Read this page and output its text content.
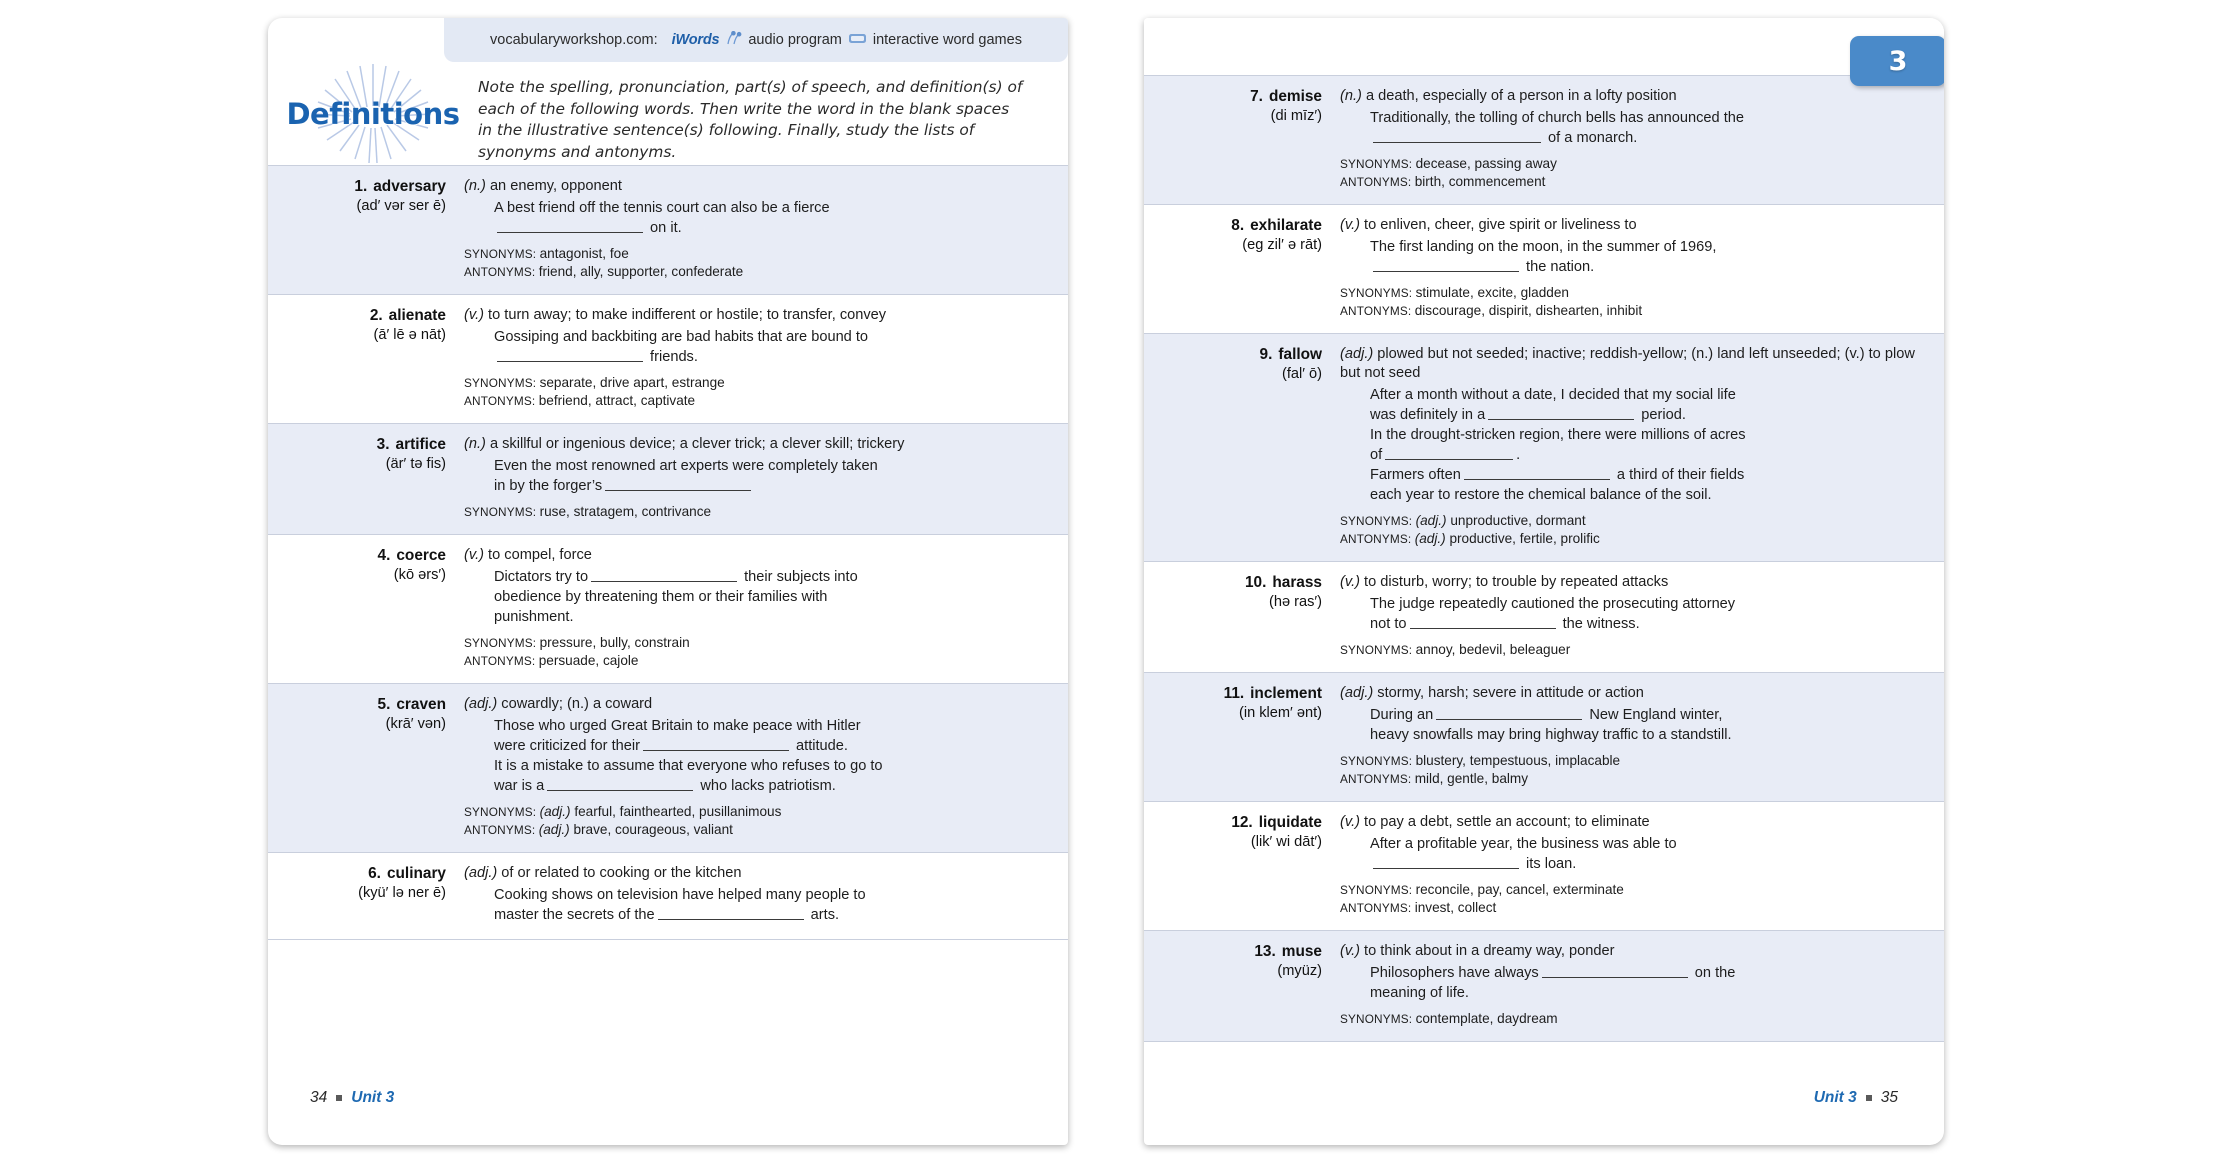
vocabularyworkshop.com: iWords audio program interactive word games
Definitions
Note the spelling, pronunciation, part(s) of speech, and definition(s) of each of the following words. Then write the word in the blank spaces in the illustrative sentence(s) following. Finally, study the lists of synonyms and antonyms.
1. adversary
(ad′ vər ser ē)
(n.) an enemy, opponent
A best friend off the tennis court can also be a fierce
on it.
SYNONYMS: antagonist, foe
ANTONYMS: friend, ally, supporter, confederate
2. alienate
(ā′ lē ə nāt)
(v.) to turn away; to make indifferent or hostile; to transfer, convey
Gossiping and backbiting are bad habits that are bound to
friends.
SYNONYMS: separate, drive apart, estrange
ANTONYMS: befriend, attract, captivate
3. artifice
(är′ tə fis)
(n.) a skillful or ingenious device; a clever trick; a clever skill; trickery
Even the most renowned art experts were completely taken
in by the forger’s
SYNONYMS: ruse, stratagem, contrivance
4. coerce
(kō ərs′)
(v.) to compel, force
Dictators try to	their subjects into
obedience by threatening them or their families with
punishment.
SYNONYMS: pressure, bully, constrain
ANTONYMS: persuade, cajole
5. craven
(krā′ vən)
(adj.) cowardly; (n.) a coward
Those who urged Great Britain to make peace with Hitler
were criticized for their	attitude.
It is a mistake to assume that everyone who refuses to go to
war is a	who lacks patriotism.
SYNONYMS: (adj.) fearful, fainthearted, pusillanimous
ANTONYMS: (adj.) brave, courageous, valiant
6. culinary
(kyü′ lə ner ē)
(adj.) of or related to cooking or the kitchen
Cooking shows on television have helped many people to
master the secrets of the	arts.
34 Unit 3
3
7. demise
(di mīz′)
(n.) a death, especially of a person in a lofty position
Traditionally, the tolling of church bells has announced the
of a monarch.
SYNONYMS: decease, passing away
ANTONYMS: birth, commencement
8. exhilarate
(eg zil′ ə rāt)
(v.) to enliven, cheer, give spirit or liveliness to
The first landing on the moon, in the summer of 1969,
the nation.
SYNONYMS: stimulate, excite, gladden
ANTONYMS: discourage, dispirit, dishearten, inhibit
9. fallow
(fal′ ō)
(adj.) plowed but not seeded; inactive; reddish-yellow; (n.) land left unseeded; (v.) to plow but not seed
After a month without a date, I decided that my social life
was definitely in a	period.
In the drought-stricken region, there were millions of acres
of	.
Farmers often	a third of their fields
each year to restore the chemical balance of the soil.
SYNONYMS: (adj.) unproductive, dormant
ANTONYMS: (adj.) productive, fertile, prolific
10. harass
(hə ras′)
(v.) to disturb, worry; to trouble by repeated attacks
The judge repeatedly cautioned the prosecuting attorney
not to	the witness.
SYNONYMS: annoy, bedevil, beleaguer
11. inclement
(in klem′ ənt)
(adj.) stormy, harsh; severe in attitude or action
During an	New England winter,
heavy snowfalls may bring highway traffic to a standstill.
SYNONYMS: blustery, tempestuous, implacable
ANTONYMS: mild, gentle, balmy
12. liquidate
(lik′ wi dāt′)
(v.) to pay a debt, settle an account; to eliminate
After a profitable year, the business was able to
its loan.
SYNONYMS: reconcile, pay, cancel, exterminate
ANTONYMS: invest, collect
13. muse
(myüz)
(v.) to think about in a dreamy way, ponder
Philosophers have always	on the
meaning of life.
SYNONYMS: contemplate, daydream
Unit 3 35
